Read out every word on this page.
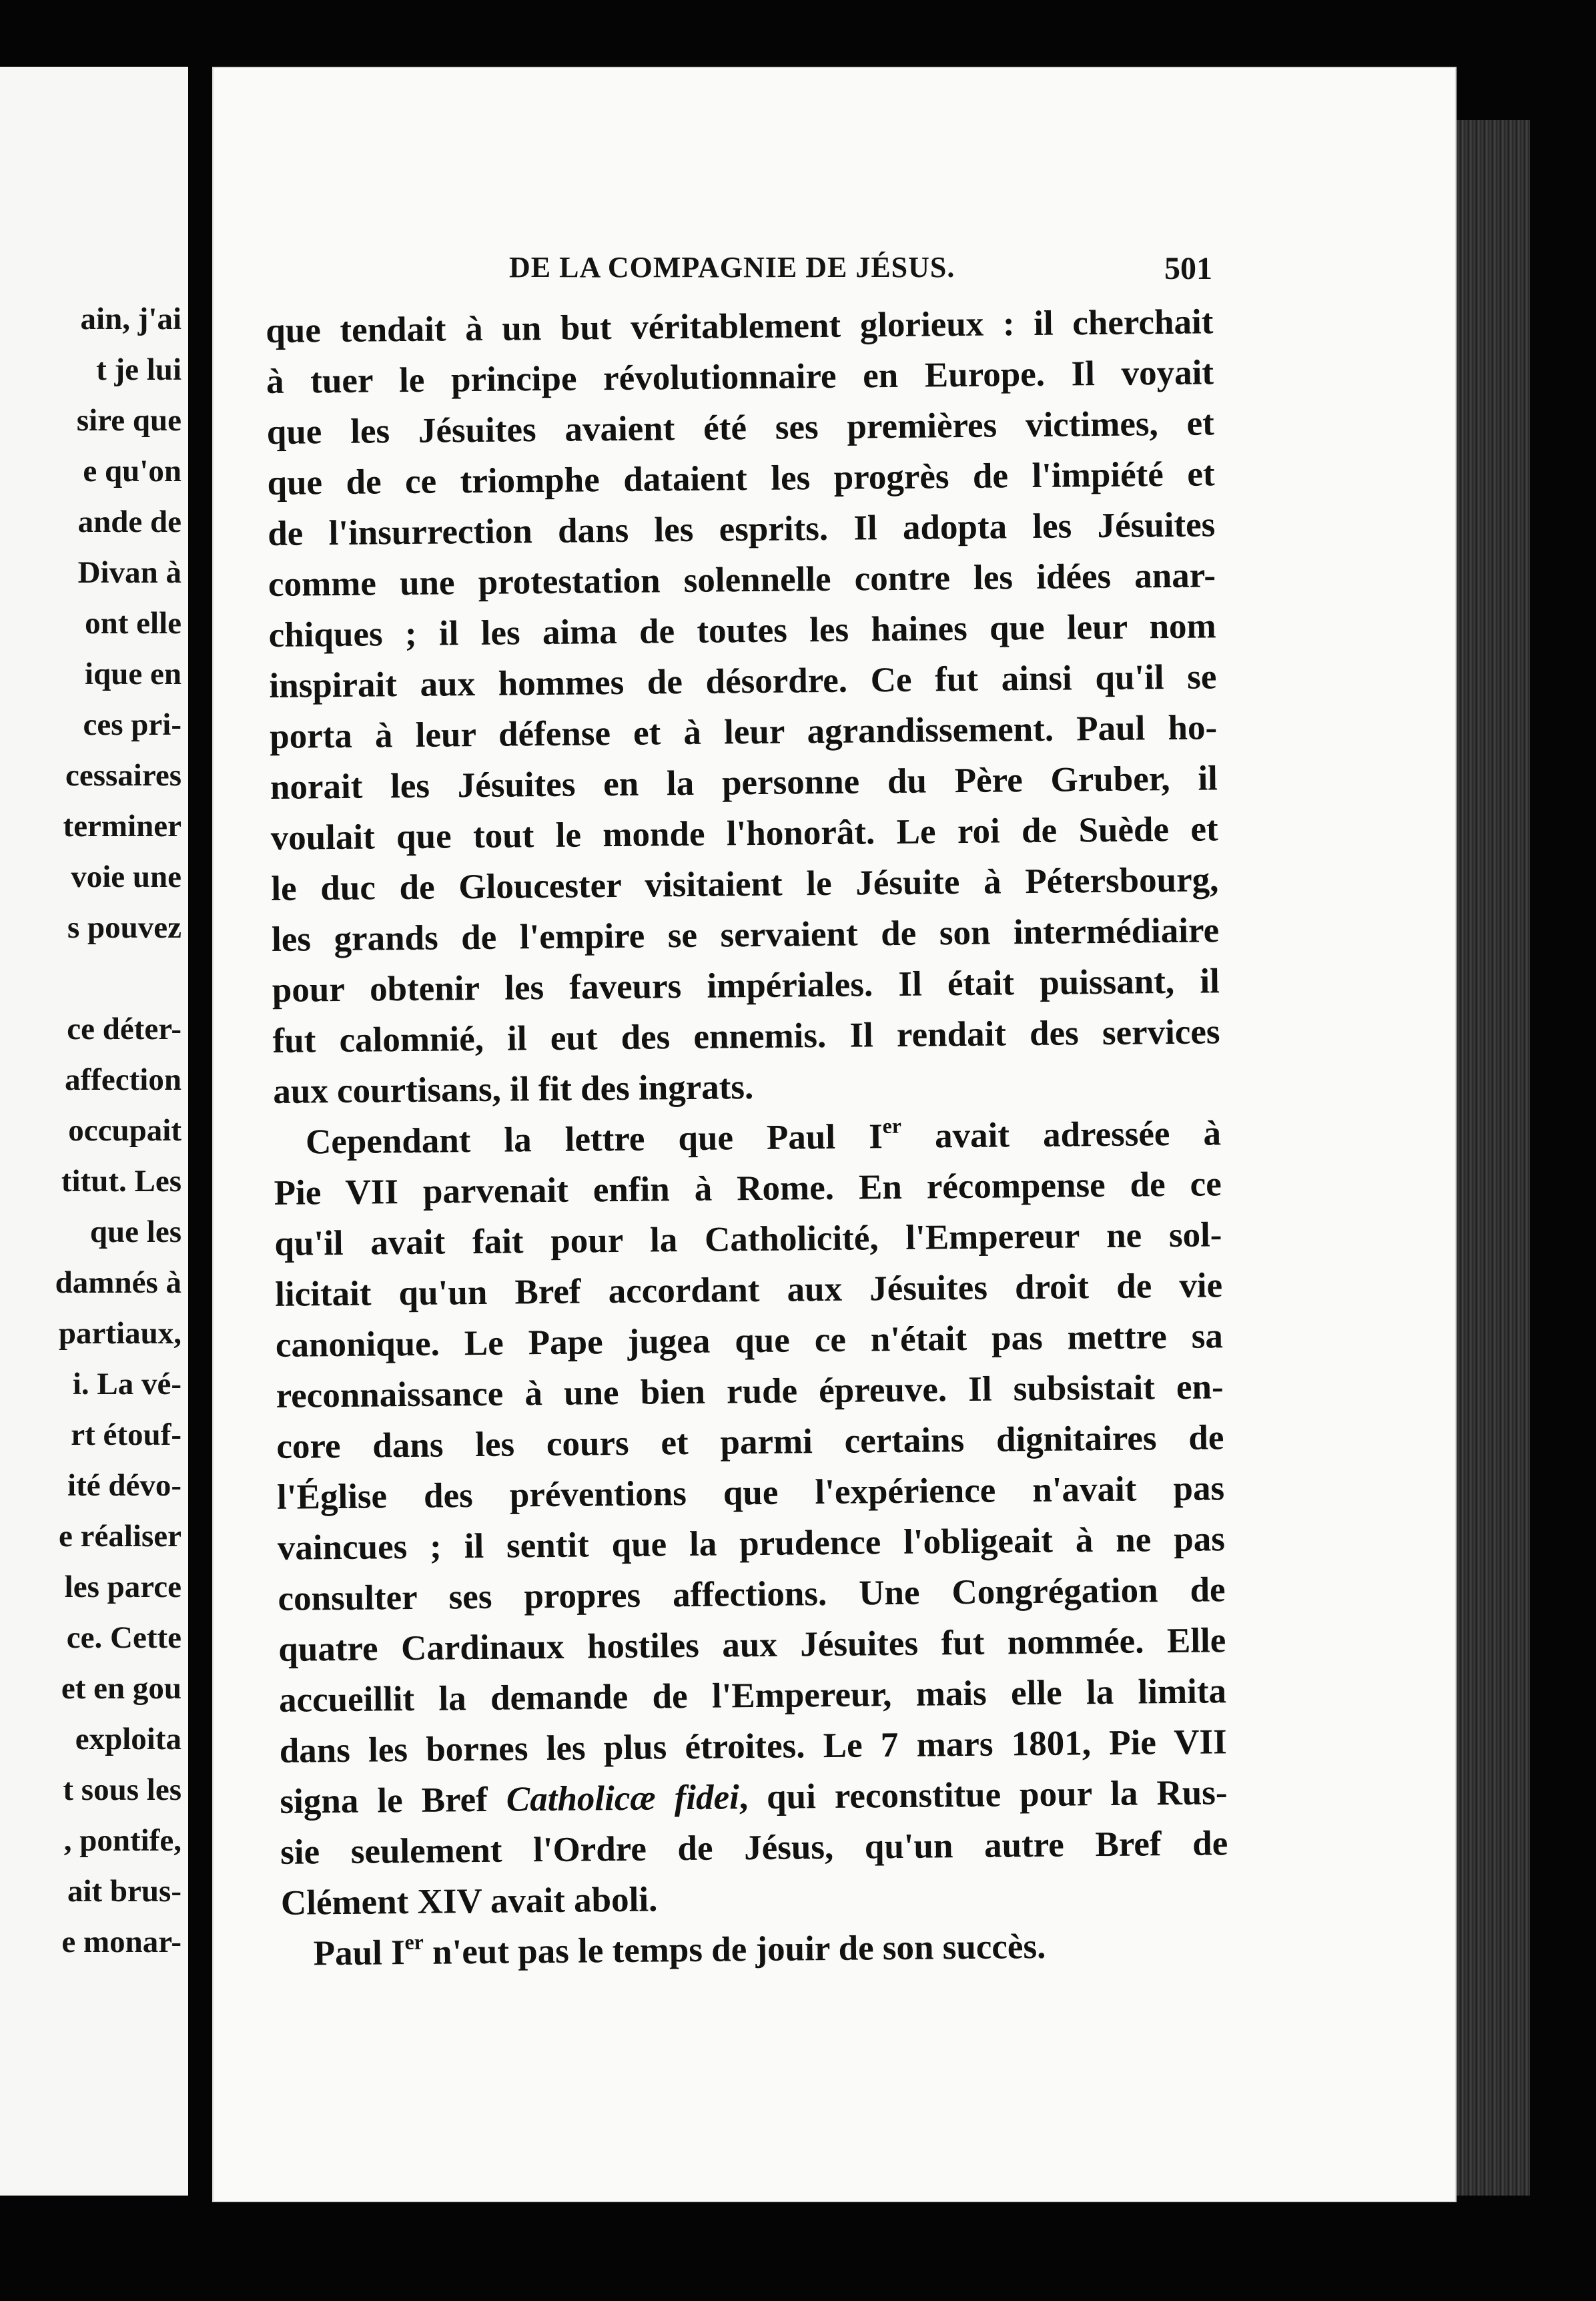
ain, j'ai
t je lui
sire que
e qu'on
ande de
Divan à
ont elle
ique en
ces pri-
cessaires
terminer
voie une
s pouvez
ce déter-
affection
occupait
titut. Les
que les
damnés à
partiaux,
i. La vé-
rt étouf-
ité dévo-
e réaliser
les parce
ce. Cette
et en gou
exploita
t sous les
, pontife,
ait brus-
e monar-
DE LA COMPAGNIE DE JÉSUS.	501
que tendait à un but véritablement glorieux : il cherchait
à tuer le principe révolutionnaire en Europe. Il voyait
que les Jésuites avaient été ses premières victimes, et
que de ce triomphe dataient les progrès de l'impiété et
de l'insurrection dans les esprits. Il adopta les Jésuites
comme une protestation solennelle contre les idées anar-
chiques ; il les aima de toutes les haines que leur nom
inspirait aux hommes de désordre. Ce fut ainsi qu'il se
porta à leur défense et à leur agrandissement. Paul ho-
norait les Jésuites en la personne du Père Gruber, il
voulait que tout le monde l'honorât. Le roi de Suède et
le duc de Gloucester visitaient le Jésuite à Pétersbourg,
les grands de l'empire se servaient de son intermédiaire
pour obtenir les faveurs impériales. Il était puissant, il
fut calomnié, il eut des ennemis. Il rendait des services
aux courtisans, il fit des ingrats.
Cependant la lettre que Paul Ier avait adressée à
Pie VII parvenait enfin à Rome. En récompense de ce
qu'il avait fait pour la Catholicité, l'Empereur ne sol-
licitait qu'un Bref accordant aux Jésuites droit de vie
canonique. Le Pape jugea que ce n'était pas mettre sa
reconnaissance à une bien rude épreuve. Il subsistait en-
core dans les cours et parmi certains dignitaires de
l'Église des préventions que l'expérience n'avait pas
vaincues ; il sentit que la prudence l'obligeait à ne pas
consulter ses propres affections. Une Congrégation de
quatre Cardinaux hostiles aux Jésuites fut nommée. Elle
accueillit la demande de l'Empereur, mais elle la limita
dans les bornes les plus étroites. Le 7 mars 1801, Pie VII
signa le Bref Catholicæ fidei, qui reconstitue pour la Rus-
sie seulement l'Ordre de Jésus, qu'un autre Bref de
Clément XIV avait aboli.
Paul Ier n'eut pas le temps de jouir de son succès.
